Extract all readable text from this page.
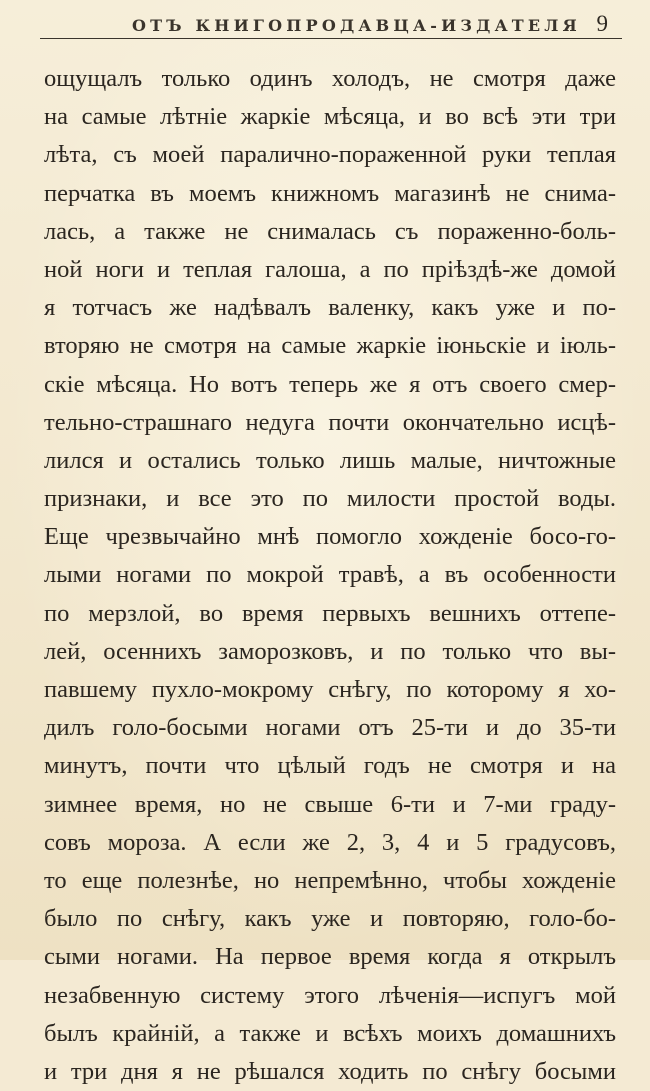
ОТЪ КНИГОПРОДАВЦА-ИЗДАТЕЛЯ 9
ощущалъ только одинъ холодъ, не смотря даже
на самые лѣтніе жаркіе мѣсяца, и во всѣ эти три
лѣта, съ моей паралично-пораженной руки теплая
перчатка въ моемъ книжномъ магазинѣ не снима-
лась, а также не снималась съ пораженно-боль-
ной ноги и теплая галоша, а по пріѣздѣ-же домой
я тотчасъ же надѣвалъ валенку, какъ уже и по-
вторяю не смотря на самые жаркіе іюньскіе и іюль-
скіе мѣсяца. Но вотъ теперь же я отъ своего смер-
тельно-страшнаго недуга почти окончательно исцѣ-
лился и остались только лишь малые, ничтожные
признаки, и все это по милости простой воды.
Еще чрезвычайно мнѣ помогло хожденіе босо-го-
лыми ногами по мокрой травѣ, а въ особенности
по мерзлой, во время первыхъ вешнихъ оттепе-
лей, осеннихъ заморозковъ, и по только что вы-
павшему пухло-мокрому снѣгу, по которому я хо-
дилъ голо-босыми ногами отъ 25-ти и до 35-ти
минутъ, почти что цѣлый годъ не смотря и на
зимнее время, но не свыше 6-ти и 7-ми граду-
совъ мороза. А если же 2, 3, 4 и 5 градусовъ,
то еще полезнѣе, но непремѣнно, чтобы хожденіе
было по снѣгу, какъ уже и повторяю, голо-бо-
сыми ногами. На первое время когда я открылъ
незабвенную систему этого лѣченія—испугъ мой
былъ крайній, а также и всѣхъ моихъ домашнихъ
и три дня я не рѣшался ходить по снѣгу босыми
